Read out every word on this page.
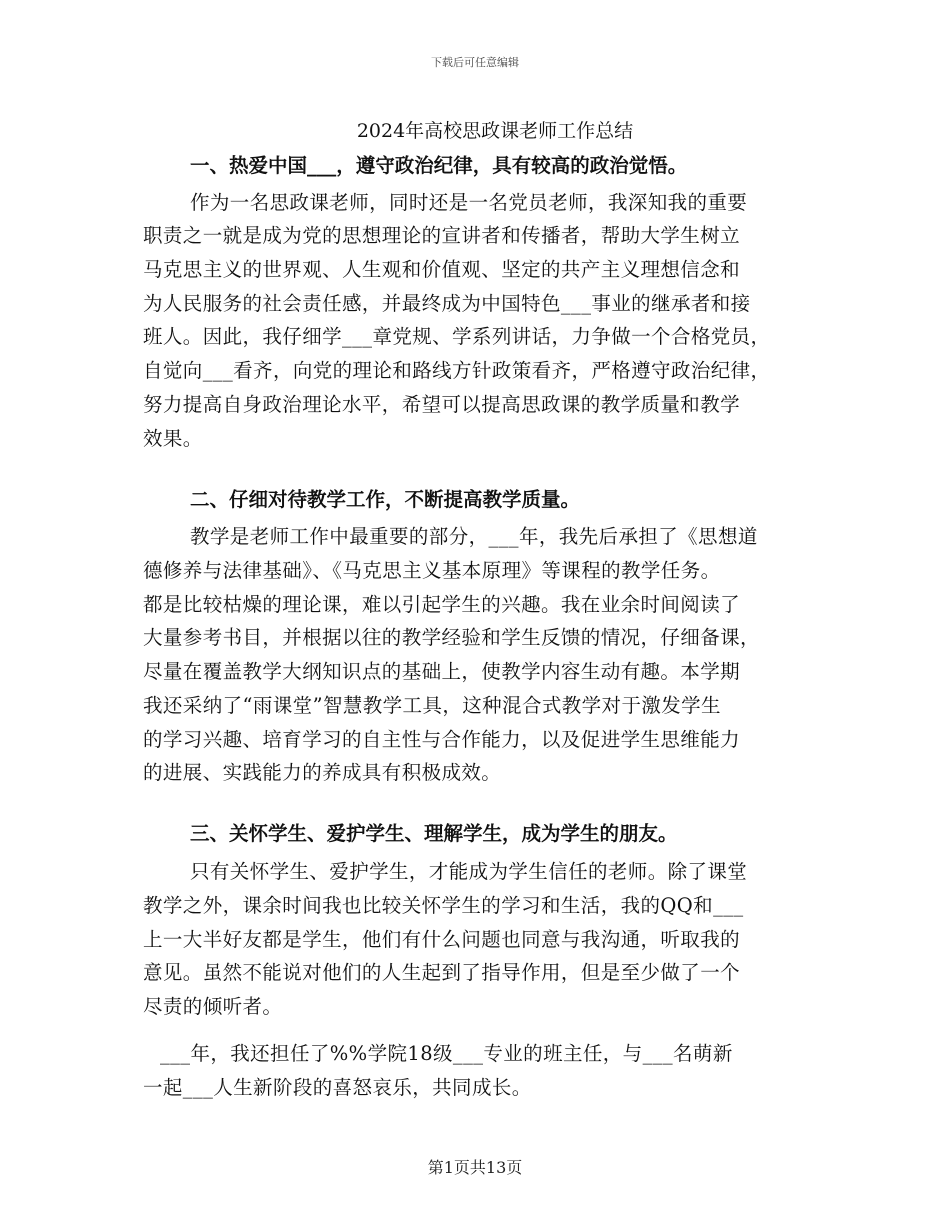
下载后可任意编辑
2024年高校思政课老师工作总结
一、热爱中国___，遵守政治纪律，具有较高的政治觉悟。
作为一名思政课老师，同时还是一名党员老师，我深知我的重要
职责之一就是成为党的思想理论的宣讲者和传播者，帮助大学生树立
马克思主义的世界观、人生观和价值观、坚定的共产主义理想信念和
为人民服务的社会责任感，并最终成为中国特色___事业的继承者和接
班人。因此，我仔细学___章党规、学系列讲话，力争做一个合格党员，
自觉向___看齐，向党的理论和路线方针政策看齐，严格遵守政治纪律，
努力提高自身政治理论水平，希望可以提高思政课的教学质量和教学
效果。
二、仔细对待教学工作，不断提高教学质量。
教学是老师工作中最重要的部分，___年，我先后承担了《思想道
德修养与法律基础》、《马克思主义基本原理》等课程的教学任务。
都是比较枯燥的理论课，难以引起学生的兴趣。我在业余时间阅读了
大量参考书目，并根据以往的教学经验和学生反馈的情况，仔细备课，
尽量在覆盖教学大纲知识点的基础上，使教学内容生动有趣。本学期
我还采纳了“雨课堂”智慧教学工具，这种混合式教学对于激发学生
的学习兴趣、培育学习的自主性与合作能力，以及促进学生思维能力
的进展、实践能力的养成具有积极成效。
三、关怀学生、爱护学生、理解学生，成为学生的朋友。
只有关怀学生、爱护学生，才能成为学生信任的老师。除了课堂
教学之外，课余时间我也比较关怀学生的学习和生活，我的QQ和___
上一大半好友都是学生，他们有什么问题也同意与我沟通，听取我的
意见。虽然不能说对他们的人生起到了指导作用，但是至少做了一个
尽责的倾听者。
___年，我还担任了%%学院18级___专业的班主任，与___名萌新
一起___人生新阶段的喜怒哀乐，共同成长。
第1页共13页
